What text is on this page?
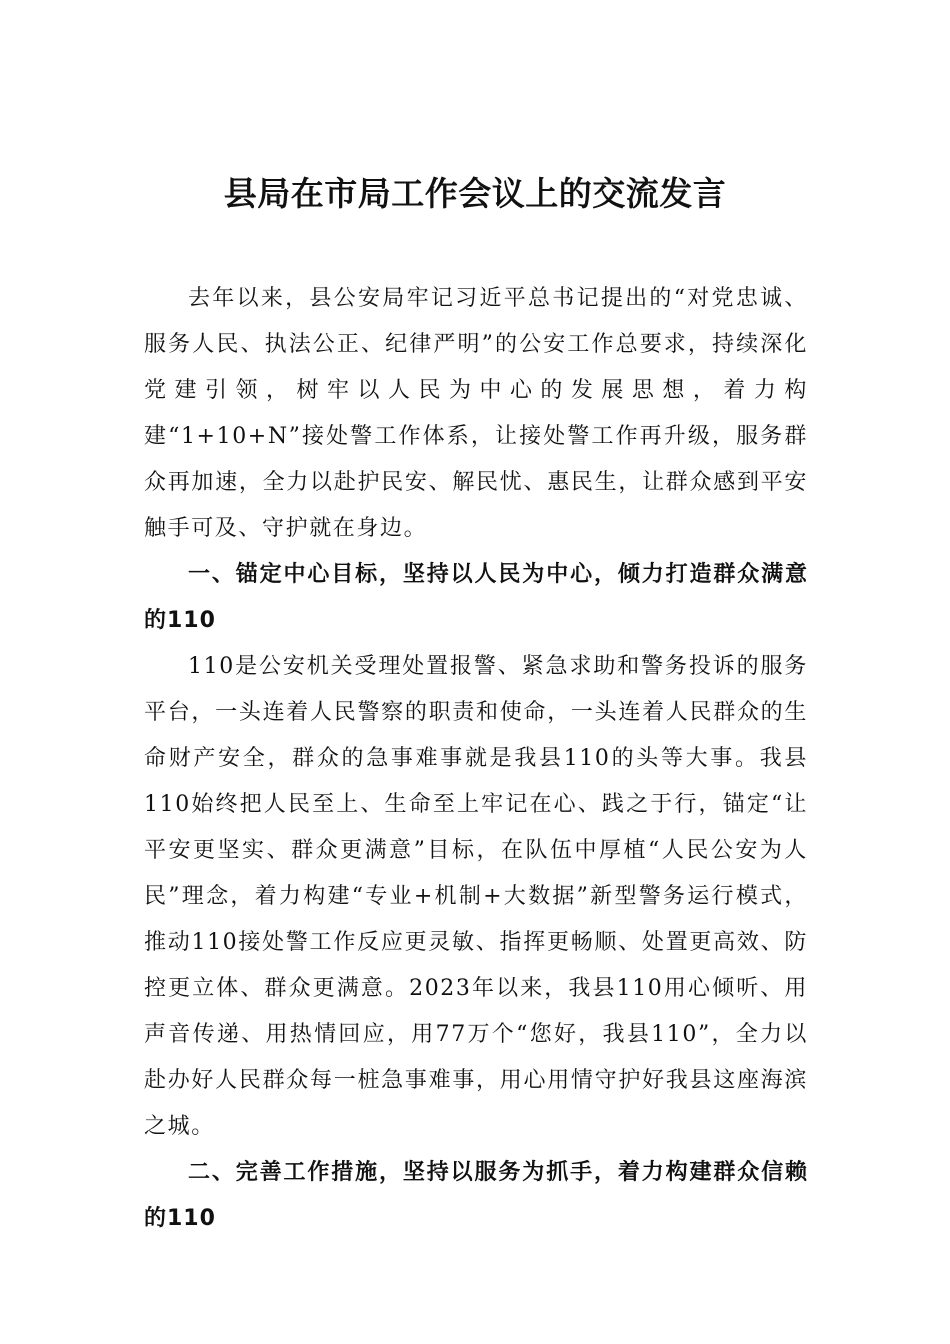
县局在市局工作会议上的交流发言

去年以来，县公安局牢记习近平总书记提出的“对党忠诚、服务人民、执法公正、纪律严明”的公安工作总要求，持续深化党建引领，树牢以人民为中心的发展思想，着力构建“1+10+N”接处警工作体系，让接处警工作再升级，服务群众再加速，全力以赴护民安、解民忧、惠民生，让群众感到平安触手可及、守护就在身边。

一、锚定中心目标，坚持以人民为中心，倾力打造群众满意的110

110是公安机关受理处置报警、紧急求助和警务投诉的服务平台，一头连着人民警察的职责和使命，一头连着人民群众的生命财产安全，群众的急事难事就是我县110的头等大事。我县110始终把人民至上、生命至上牢记在心、践之于行，锚定“让平安更坚实、群众更满意”目标，在队伍中厚植“人民公安为人民”理念，着力构建“专业+机制+大数据”新型警务运行模式，推动110接处警工作反应更灵敏、指挥更畅顺、处置更高效、防控更立体、群众更满意。2023年以来，我县110用心倾听、用声音传递、用热情回应，用77万个“您好，我县110”，全力以赴办好人民群众每一桩急事难事，用心用情守护好我县这座海滨之城。

二、完善工作措施，坚持以服务为抓手，着力构建群众信赖的110
